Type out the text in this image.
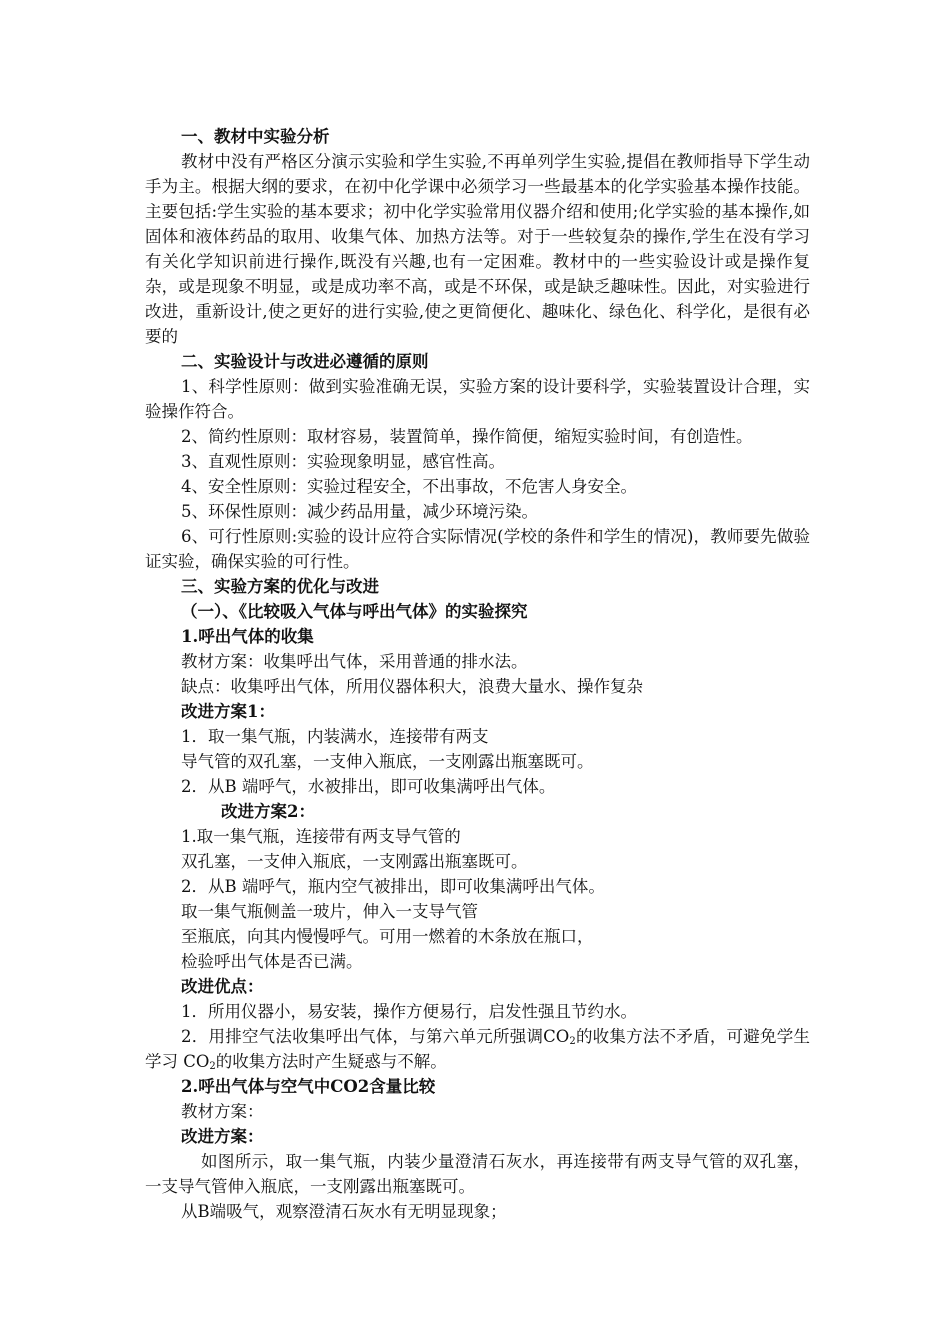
一、教材中实验分析

教材中没有严格区分演示实验和学生实验,不再单列学生实验,提倡在教师指导下学生动手为主。根据大纲的要求，在初中化学课中必须学习一些最基本的化学实验基本操作技能。主要包括:学生实验的基本要求；初中化学实验常用仪器介绍和使用;化学实验的基本操作,如固体和液体药品的取用、收集气体、加热方法等。对于一些较复杂的操作,学生在没有学习有关化学知识前进行操作,既没有兴趣,也有一定困难。教材中的一些实验设计或是操作复杂，或是现象不明显，或是成功率不高，或是不环保，或是缺乏趣味性。因此，对实验进行改进，重新设计,使之更好的进行实验,使之更简便化、趣味化、绿色化、科学化，是很有必要的

二、实验设计与改进必遵循的原则

1、科学性原则：做到实验准确无误，实验方案的设计要科学，实验装置设计合理，实验操作符合。

2、简约性原则：取材容易，装置简单，操作简便，缩短实验时间，有创造性。

3、直观性原则：实验现象明显，感官性高。

4、安全性原则：实验过程安全，不出事故，不危害人身安全。

5、环保性原则：减少药品用量，减少环境污染。

6、可行性原则:实验的设计应符合实际情况(学校的条件和学生的情况)，教师要先做验证实验，确保实验的可行性。

三、实验方案的优化与改进

（一）、《比较吸入气体与呼出气体》的实验探究

1.呼出气体的收集

教材方案：收集呼出气体，采用普通的排水法。

缺点：收集呼出气体，所用仪器体积大，浪费大量水、操作复杂

改进方案1：

1．取一集气瓶，内装满水，连接带有两支

导气管的双孔塞，一支伸入瓶底，一支刚露出瓶塞既可。

2．从B 端呼气，水被排出，即可收集满呼出气体。

改进方案2：

1.取一集气瓶，连接带有两支导气管的

双孔塞，一支伸入瓶底，一支刚露出瓶塞既可。

2．从B 端呼气，瓶内空气被排出，即可收集满呼出气体。

取一集气瓶侧盖一玻片，伸入一支导气管

至瓶底，向其内慢慢呼气。可用一燃着的木条放在瓶口，

检验呼出气体是否已满。

改进优点：

1．所用仪器小，易安装，操作方便易行，启发性强且节约水。

2．用排空气法收集呼出气体，与第六单元所强调$CO_2$的收集方法不矛盾，可避免学生学习 $CO_2$的收集方法时产生疑惑与不解。

2.呼出气体与空气中CO2含量比较

教材方案：

改进方案：

如图所示，取一集气瓶，内装少量澄清石灰水，再连接带有两支导气管的双孔塞，一支导气管伸入瓶底，一支刚露出瓶塞既可。

从B端吸气，观察澄清石灰水有无明显现象；
